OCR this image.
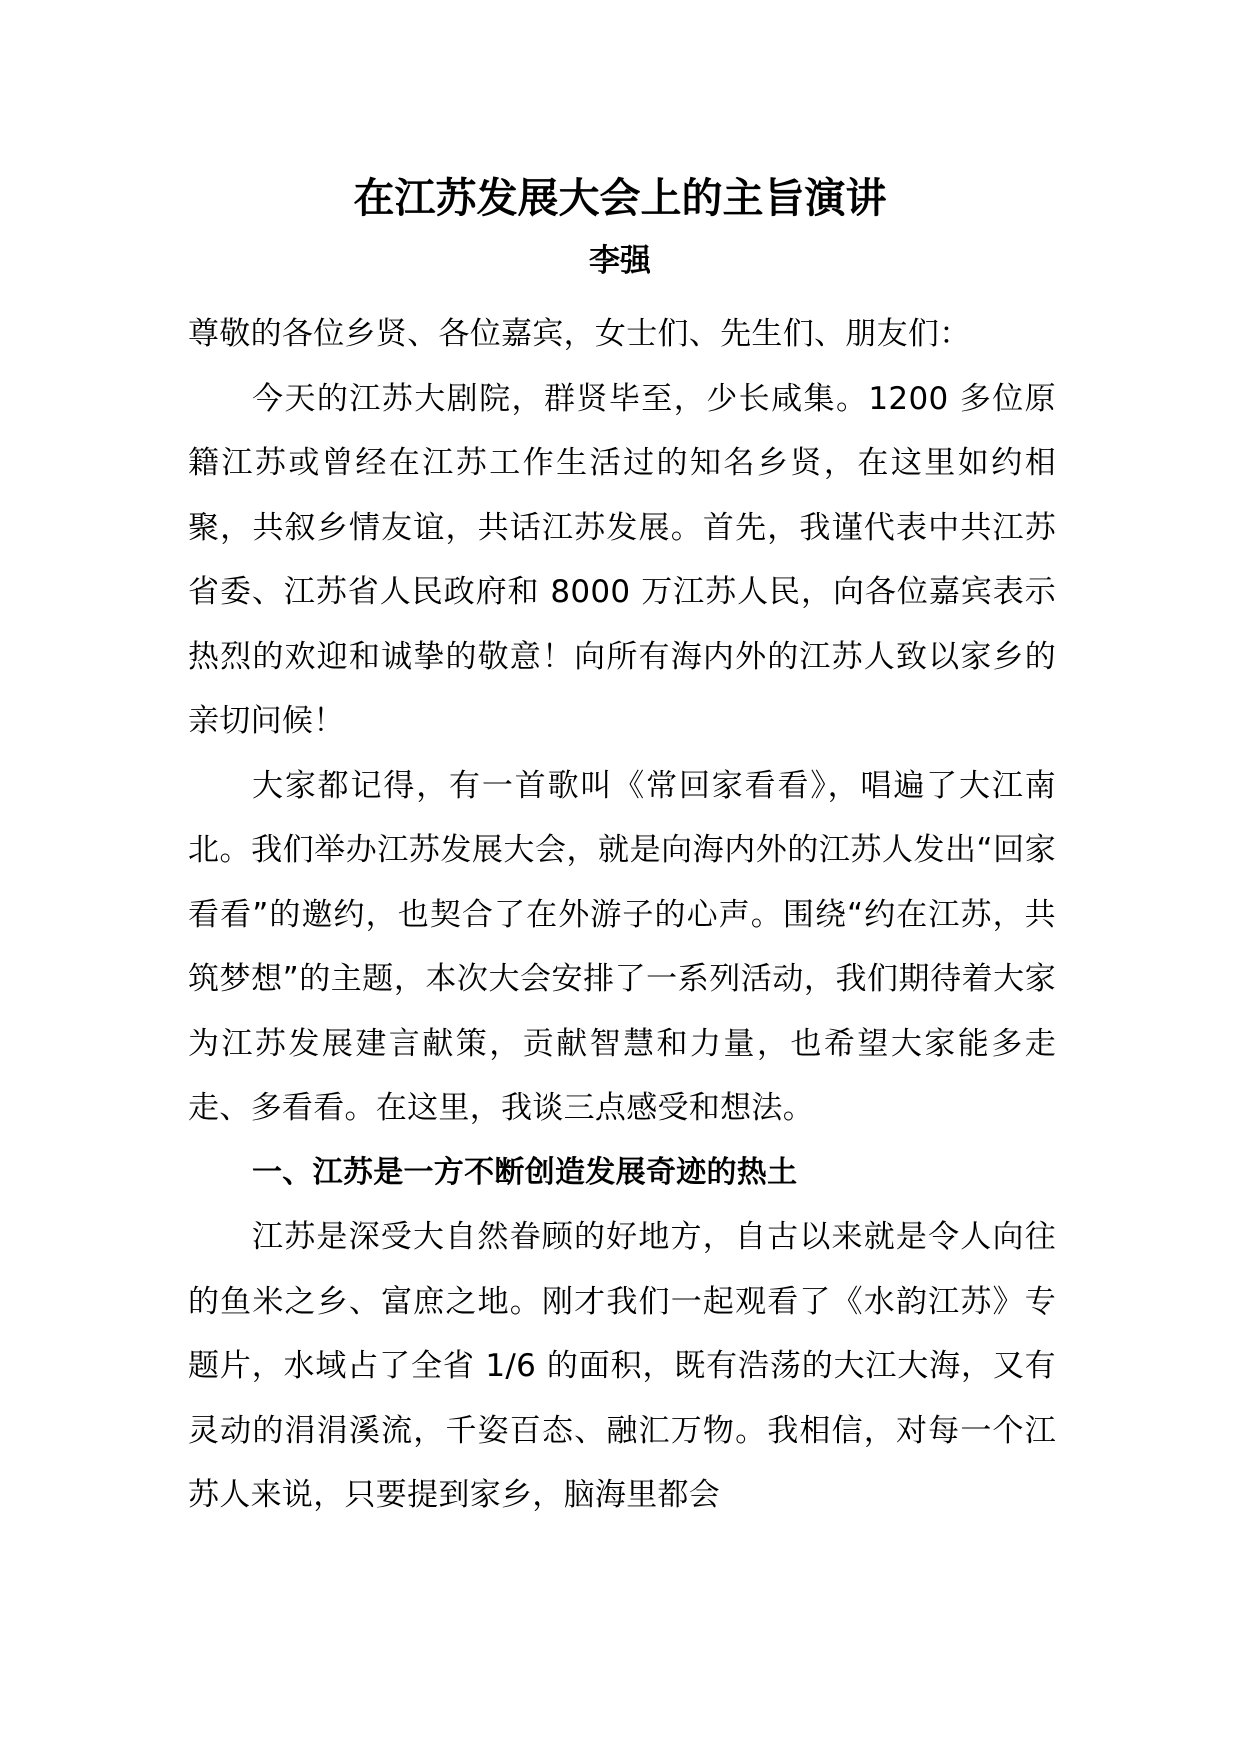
在江苏发展大会上的主旨演讲
李强

尊敬的各位乡贤、各位嘉宾，女士们、先生们、朋友们：

今天的江苏大剧院，群贤毕至，少长咸集。1200 多位原籍江苏或曾经在江苏工作生活过的知名乡贤，在这里如约相聚，共叙乡情友谊，共话江苏发展。首先，我谨代表中共江苏省委、江苏省人民政府和 8000 万江苏人民，向各位嘉宾表示热烈的欢迎和诚挚的敬意！向所有海内外的江苏人致以家乡的亲切问候！

大家都记得，有一首歌叫《常回家看看》，唱遍了大江南北。我们举办江苏发展大会，就是向海内外的江苏人发出“回家看看”的邀约，也契合了在外游子的心声。围绕“约在江苏，共筑梦想”的主题，本次大会安排了一系列活动，我们期待着大家为江苏发展建言献策，贡献智慧和力量，也希望大家能多走走、多看看。在这里，我谈三点感受和想法。

一、江苏是一方不断创造发展奇迹的热土

江苏是深受大自然眷顾的好地方，自古以来就是令人向往的鱼米之乡、富庶之地。刚才我们一起观看了《水韵江苏》专题片，水域占了全省 1/6 的面积，既有浩荡的大江大海，又有灵动的涓涓溪流，千姿百态、融汇万物。我相信，对每一个江苏人来说，只要提到家乡，脑海里都会
